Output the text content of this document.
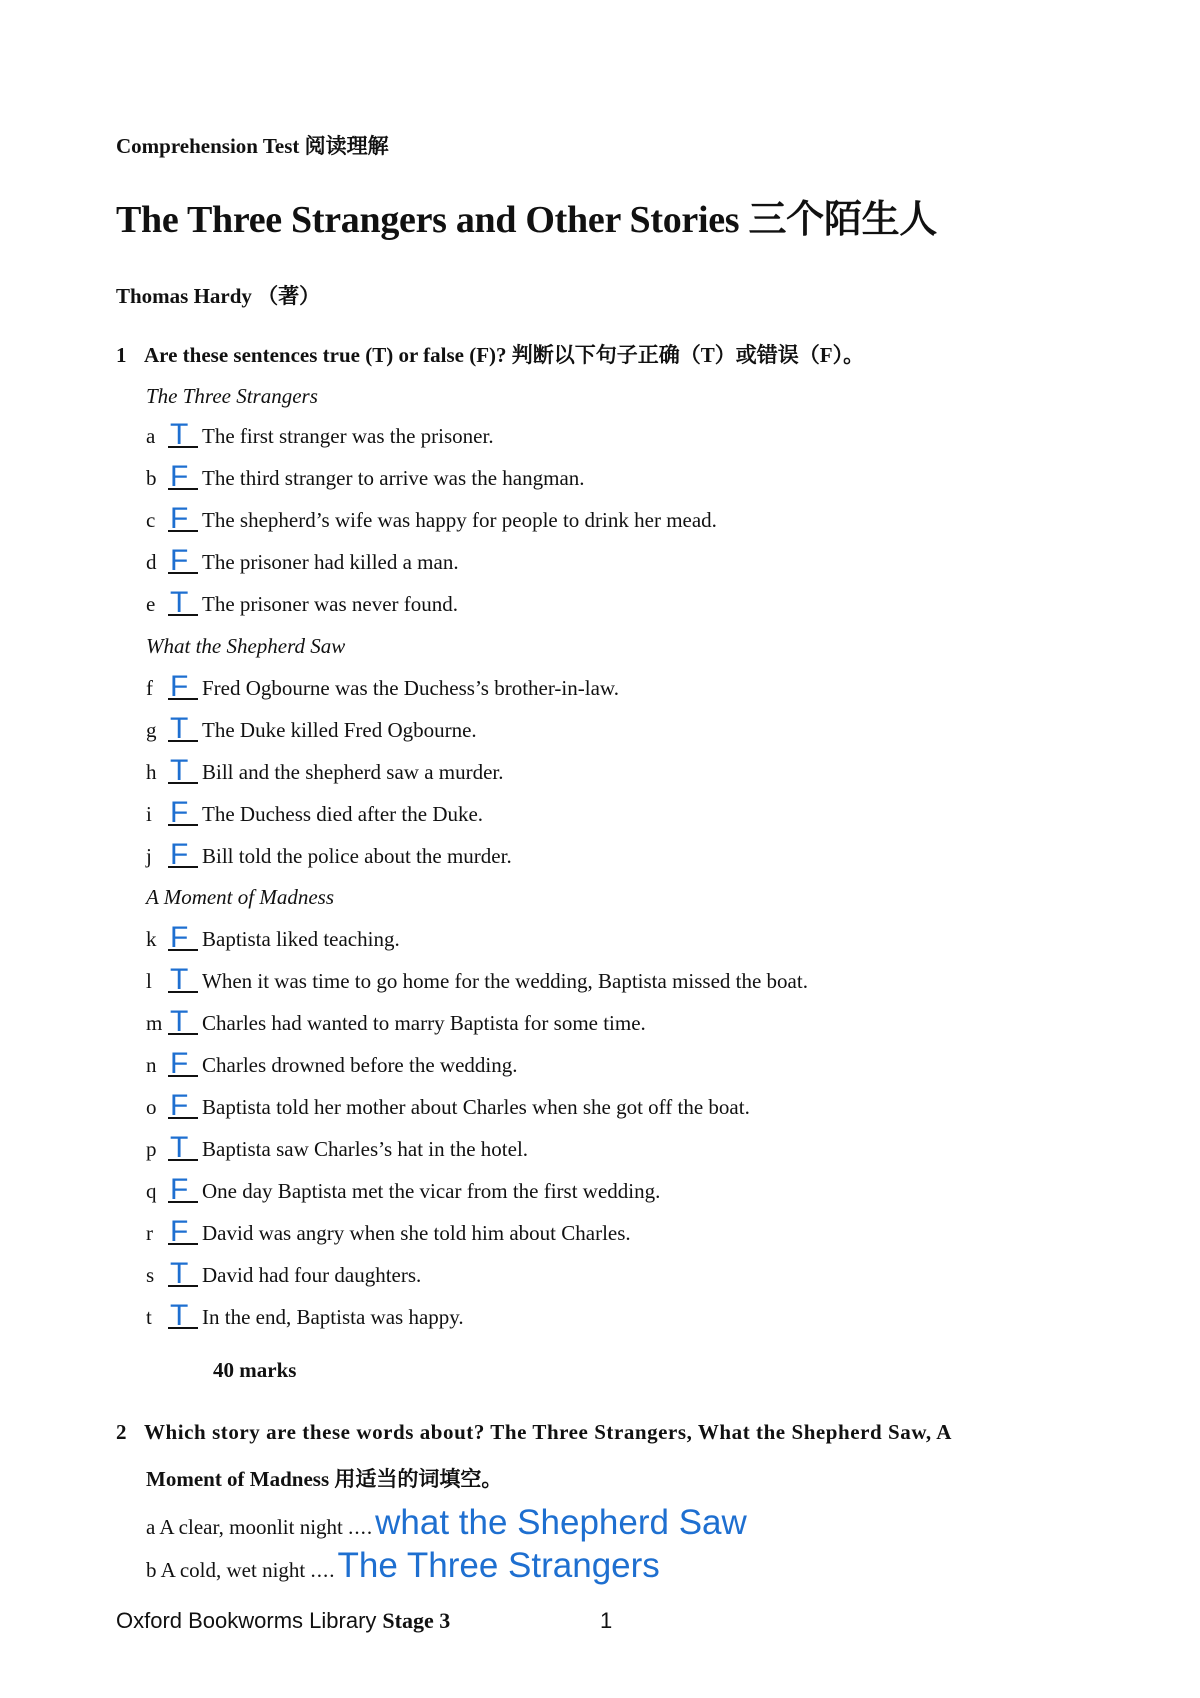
Comprehension Test 阅读理解
The Three Strangers and Other Stories 三个陌生人
Thomas Hardy （著）
1 Are these sentences true (T) or false (F)? 判断以下句子正确（T）或错误（F）。
The Three Strangers
What the Shepherd Saw
A Moment of Madness
a T The first stranger was the prisoner.
b F The third stranger to arrive was the hangman.
c F The shepherd’s wife was happy for people to drink her mead.
d F The prisoner had killed a man.
e T The prisoner was never found.
f F Fred Ogbourne was the Duchess’s brother-in-law.
g T The Duke killed Fred Ogbourne.
h T Bill and the shepherd saw a murder.
i F The Duchess died after the Duke.
j F Bill told the police about the murder.
k F Baptista liked teaching.
l T When it was time to go home for the wedding, Baptista missed the boat.
m T Charles had wanted to marry Baptista for some time.
n F Charles drowned before the wedding.
o F Baptista told her mother about Charles when she got off the boat.
p T Baptista saw Charles’s hat in the hotel.
q F One day Baptista met the vicar from the first wedding.
r F David was angry when she told him about Charles.
s T David had four daughters.
t T In the end, Baptista was happy.
40 marks
2 Which story are these words about? The Three Strangers, What the Shepherd Saw, A
Moment of Madness 用适当的词填空。
a A clear, moonlit night ....what the Shepherd Saw
b A cold, wet night ....The Three Strangers
Oxford Bookworms Library Stage 3	1
